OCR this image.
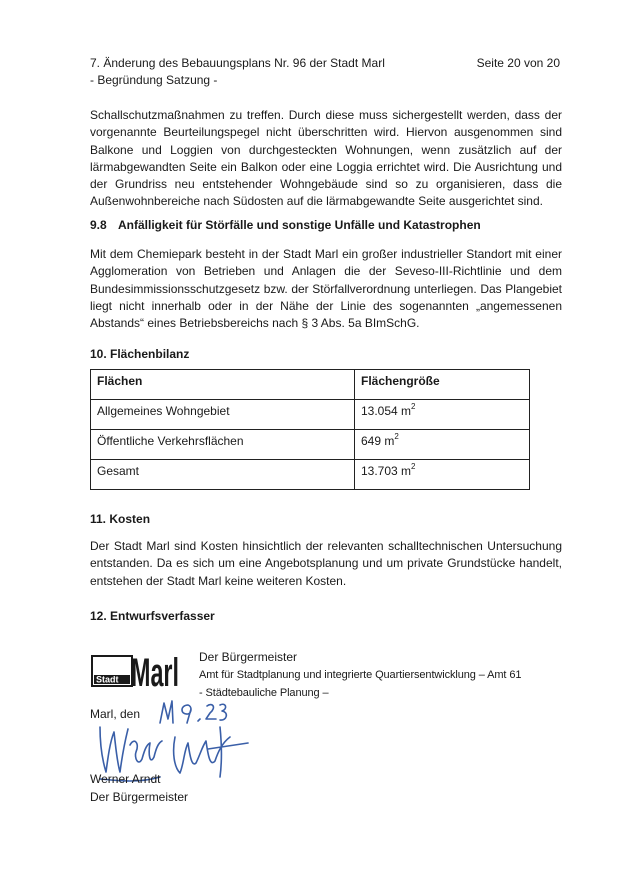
7. Änderung des Bebauungsplans Nr. 96 der Stadt Marl
- Begründung Satzung -
Seite 20 von 20

Schallschutzmaßnahmen zu treffen. Durch diese muss sichergestellt werden, dass der vorgenannte Beurteilungspegel nicht überschritten wird. Hiervon ausgenommen sind Balkone und Loggien von durchgesteckten Wohnungen, wenn zusätzlich auf der lärmabgewandten Seite ein Balkon oder eine Loggia errichtet wird. Die Ausrichtung und der Grundriss neu entstehender Wohngebäude sind so zu organisieren, dass die Außenwohnbereiche nach Südosten auf die lärmabgewandte Seite ausgerichtet sind.

9.8 Anfälligkeit für Störfälle und sonstige Unfälle und Katastrophen

Mit dem Chemiepark besteht in der Stadt Marl ein großer industrieller Standort mit einer Agglomeration von Betrieben und Anlagen die der Seveso-III-Richtlinie und dem Bundesimmissionsschutzgesetz bzw. der Störfallverordnung unterliegen. Das Plangebiet liegt nicht innerhalb oder in der Nähe der Linie des sogenannten „angemessenen Abstands“ eines Betriebsbereichs nach § 3 Abs. 5a BImSchG.

10. Flächenbilanz
Flächen	Flächengröße
Allgemeines Wohngebiet	13.054 $m^2$
Öffentliche Verkehrsflächen	649 $m^2$
Gesamt	13.703 $m^2$
11. Kosten

Der Stadt Marl sind Kosten hinsichtlich der relevanten schalltechnischen Untersuchung entstanden. Da es sich um eine Angebotsplanung und um private Grundstücke handelt, entstehen der Stadt Marl keine weiteren Kosten.

12. Entwurfsverfasser
Stadt Marl Der Bürgermeister
Amt für Stadtplanung und integrierte Quartiersentwicklung – Amt 61
- Städtebauliche Planung –
Marl, den
Werner Arndt
Der Bürgermeister
